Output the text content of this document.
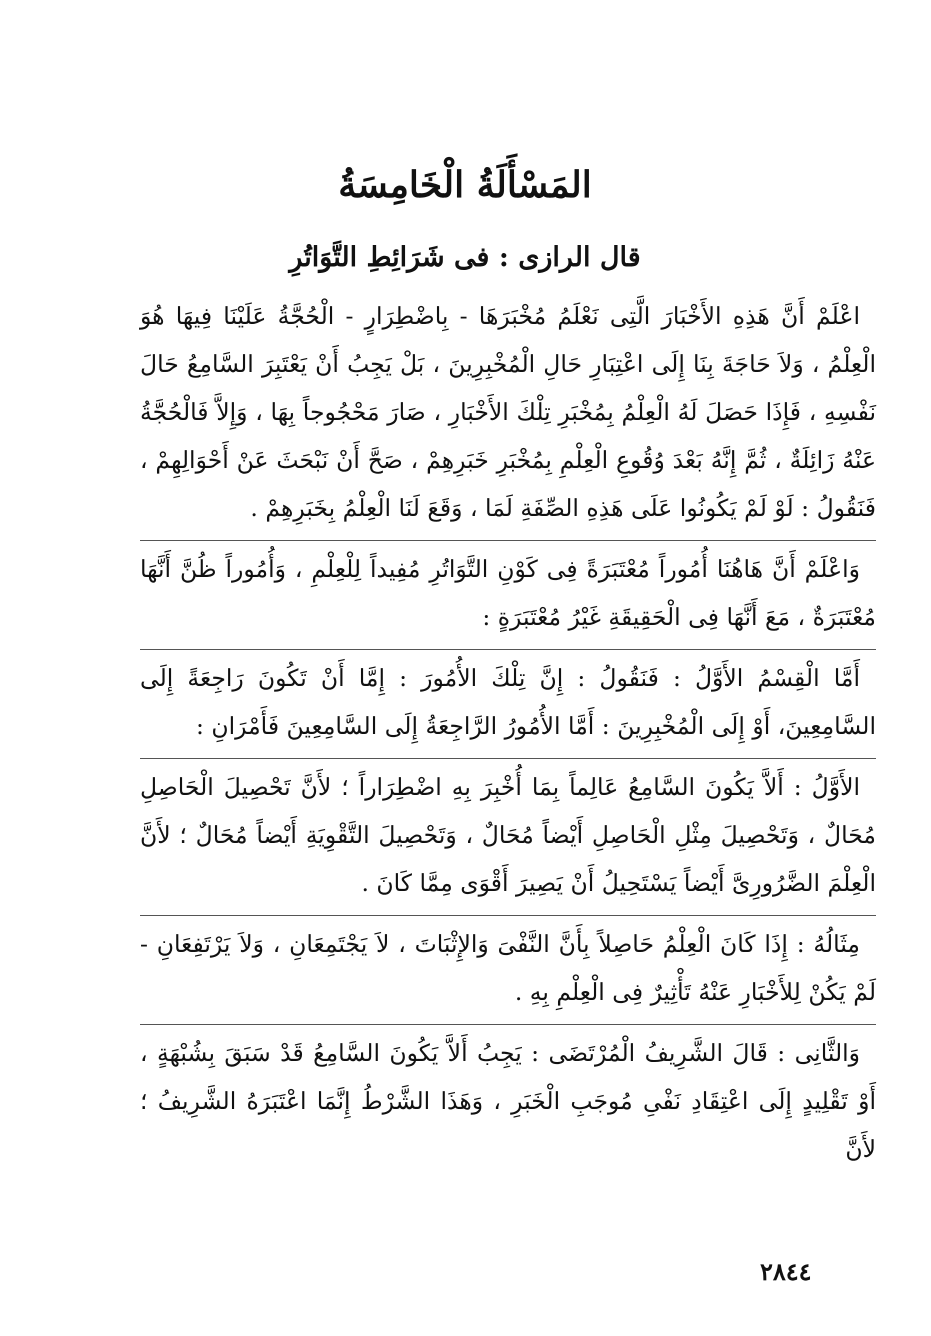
المَسْأَلَةُ الْخَامِسَةُ
قال الرازى : فى شَرَائِطِ التَّوَاتُرِ

اعْلَمْ أَنَّ هَذِهِ الأَخْبَارَ الَّتِى نَعْلَمُ مُخْبَرَهَا - بِاضْطِرَارٍ - الْحُجَّةُ عَلَيْنَا فِيهَا هُوَ الْعِلْمُ ، وَلاَ حَاجَةَ بِنَا إِلَى اعْتِبَارِ حَالِ الْمُخْبِرِينَ ، بَلْ يَجِبُ أَنْ يَعْتَبِرَ السَّامِعُ حَالَ نَفْسِهِ ، فَإِذَا حَصَلَ لَهُ الْعِلْمُ بِمُخْبَرِ تِلْكَ الأَخْبَارِ ، صَارَ مَحْجُوجاً بِهَا ، وَإِلاَّ فَالْحُجَّةُ عَنْهُ زَائِلَةٌ ، ثُمَّ إِنَّهُ بَعْدَ وُقُوعِ الْعِلْمِ بِمُخْبَرِ خَبَرِهِمْ ، صَحَّ أَنْ نَبْحَثَ عَنْ أَحْوَالِهِمْ ، فَنَقُولُ : لَوْ لَمْ يَكُونُوا عَلَى هَذِهِ الصِّفَةِ لَمَا ، وَقَعَ لَنَا الْعِلْمُ بِخَبَرِهِمْ .

وَاعْلَمْ أَنَّ هَاهُنَا أُمُوراً مُعْتَبَرَةً فِى كَوْنِ التَّوَاتُرِ مُفِيداً لِلْعِلْمِ ، وَأُمُوراً ظُنَّ أَنَّهَا مُعْتَبَرَةٌ ، مَعَ أَنَّهَا فِى الْحَقِيقَةِ غَيْرُ مُعْتَبَرَةٍ :

أَمَّا الْقِسْمُ الأَوَّلُ : فَنَقُولُ : إِنَّ تِلْكَ الأُمُورَ : إِمَّا أَنْ تَكُونَ رَاجِعَةً إِلَى السَّامِعِينَ، أَوْ إِلَى الْمُخْبِرِينَ : أَمَّا الأُمُورُ الرَّاجِعَةُ إِلَى السَّامِعِينَ فَأَمْرَانِ :

الأَوَّلُ : أَلاَّ يَكُونَ السَّامِعُ عَالِماً بِمَا أُخْبِرَ بِهِ اضْطِرَاراً ؛ لأَنَّ تَحْصِيلَ الْحَاصِلِ مُحَالٌ ، وَتَحْصِيلَ مِثْلِ الْحَاصِلِ أَيْضاً مُحَالٌ ، وَتَحْصِيلَ التَّقْوِيَةِ أَيْضاً مُحَالٌ ؛ لأَنَّ الْعِلْمَ الضَّرُورِىَّ أَيْضاً يَسْتَحِيلُ أَنْ يَصِيرَ أَقْوَى مِمَّا كَانَ .

مِثَالُهُ : إِذَا كَانَ الْعِلْمُ حَاصِلاً بِأَنَّ النَّفْىَ وَالإِثْبَاتَ ، لاَ يَجْتَمِعَانِ ، وَلاَ يَرْتَفِعَانِ - لَمْ يَكُنْ لِلأَخْبَارِ عَنْهُ تَأْثِيرٌ فِى الْعِلْمِ بِهِ .

وَالثَّانِى : قَالَ الشَّرِيفُ الْمُرْتَضَى : يَجِبُ أَلاَّ يَكُونَ السَّامِعُ قَدْ سَبَقَ بِشُبْهَةٍ ، أَوْ تَقْلِيدٍ إِلَى اعْتِقَادِ نَفْىِ مُوجَبِ الْخَبَرِ ، وَهَذَا الشَّرْطُ إِنَّمَا اعْتَبَرَهُ الشَّرِيفُ ؛ لأَنَّ

٢٨٤٤
